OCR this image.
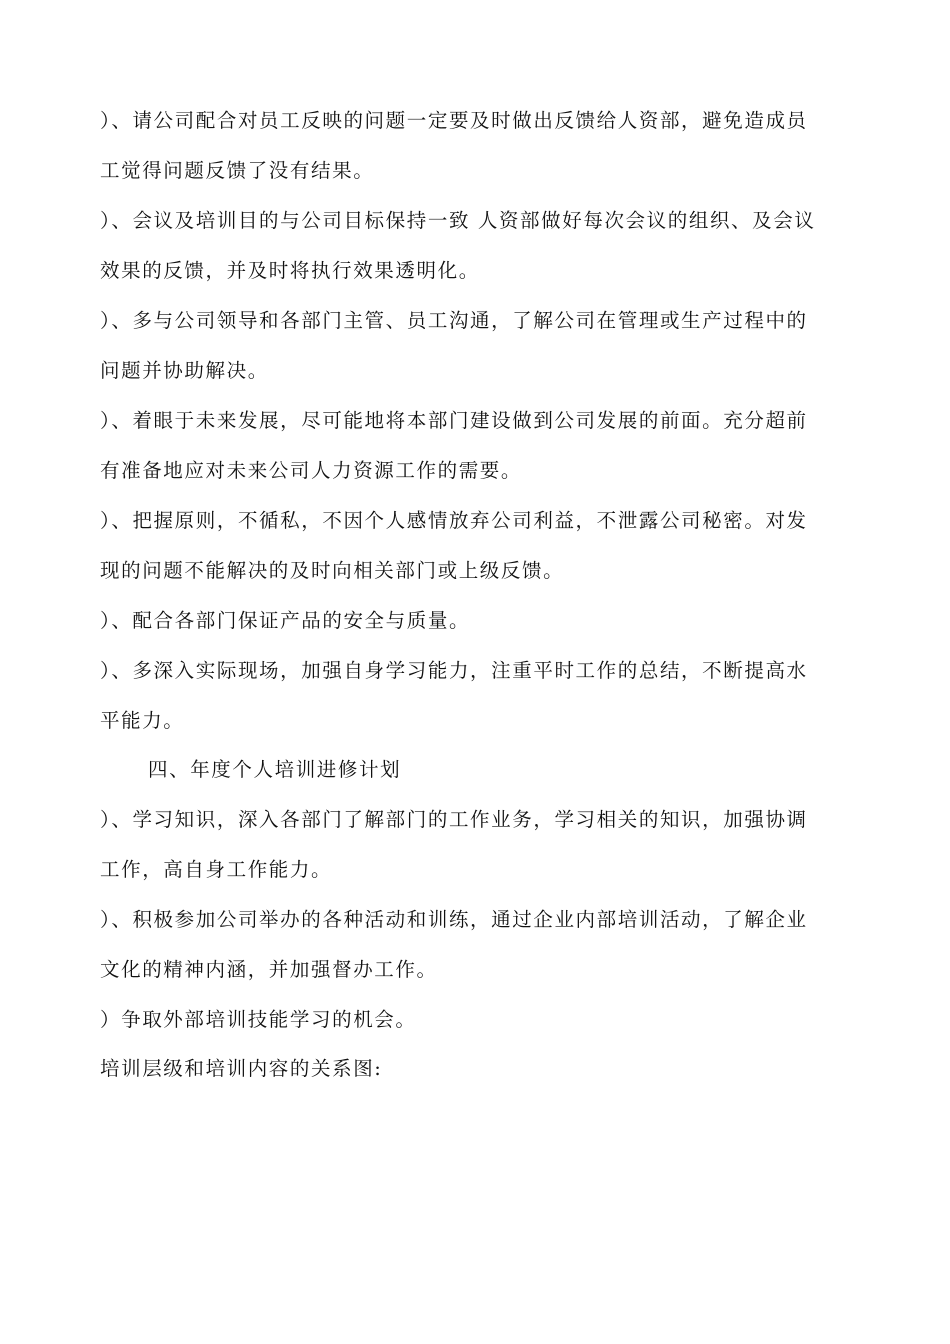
）、请公司配合对员工反映的问题一定要及时做出反馈给人资部，避免造成员
工觉得问题反馈了没有结果。
）、会议及培训目的与公司目标保持一致 人资部做好每次会议的组织、及会议
效果的反馈，并及时将执行效果透明化。
）、多与公司领导和各部门主管、员工沟通，了解公司在管理或生产过程中的
问题并协助解决。
）、着眼于未来发展，尽可能地将本部门建设做到公司发展的前面。充分超前
有准备地应对未来公司人力资源工作的需要。
）、把握原则，不循私，不因个人感情放弃公司利益，不泄露公司秘密。对发
现的问题不能解决的及时向相关部门或上级反馈。
）、配合各部门保证产品的安全与质量。
）、多深入实际现场，加强自身学习能力，注重平时工作的总结，不断提高水
平能力。
四、年度个人培训进修计划
）、学习知识，深入各部门了解部门的工作业务，学习相关的知识，加强协调
工作，高自身工作能力。
）、积极参加公司举办的各种活动和训练，通过企业内部培训活动，了解企业
文化的精神内涵，并加强督办工作。
）争取外部培训技能学习的机会。
培训层级和培训内容的关系图:
